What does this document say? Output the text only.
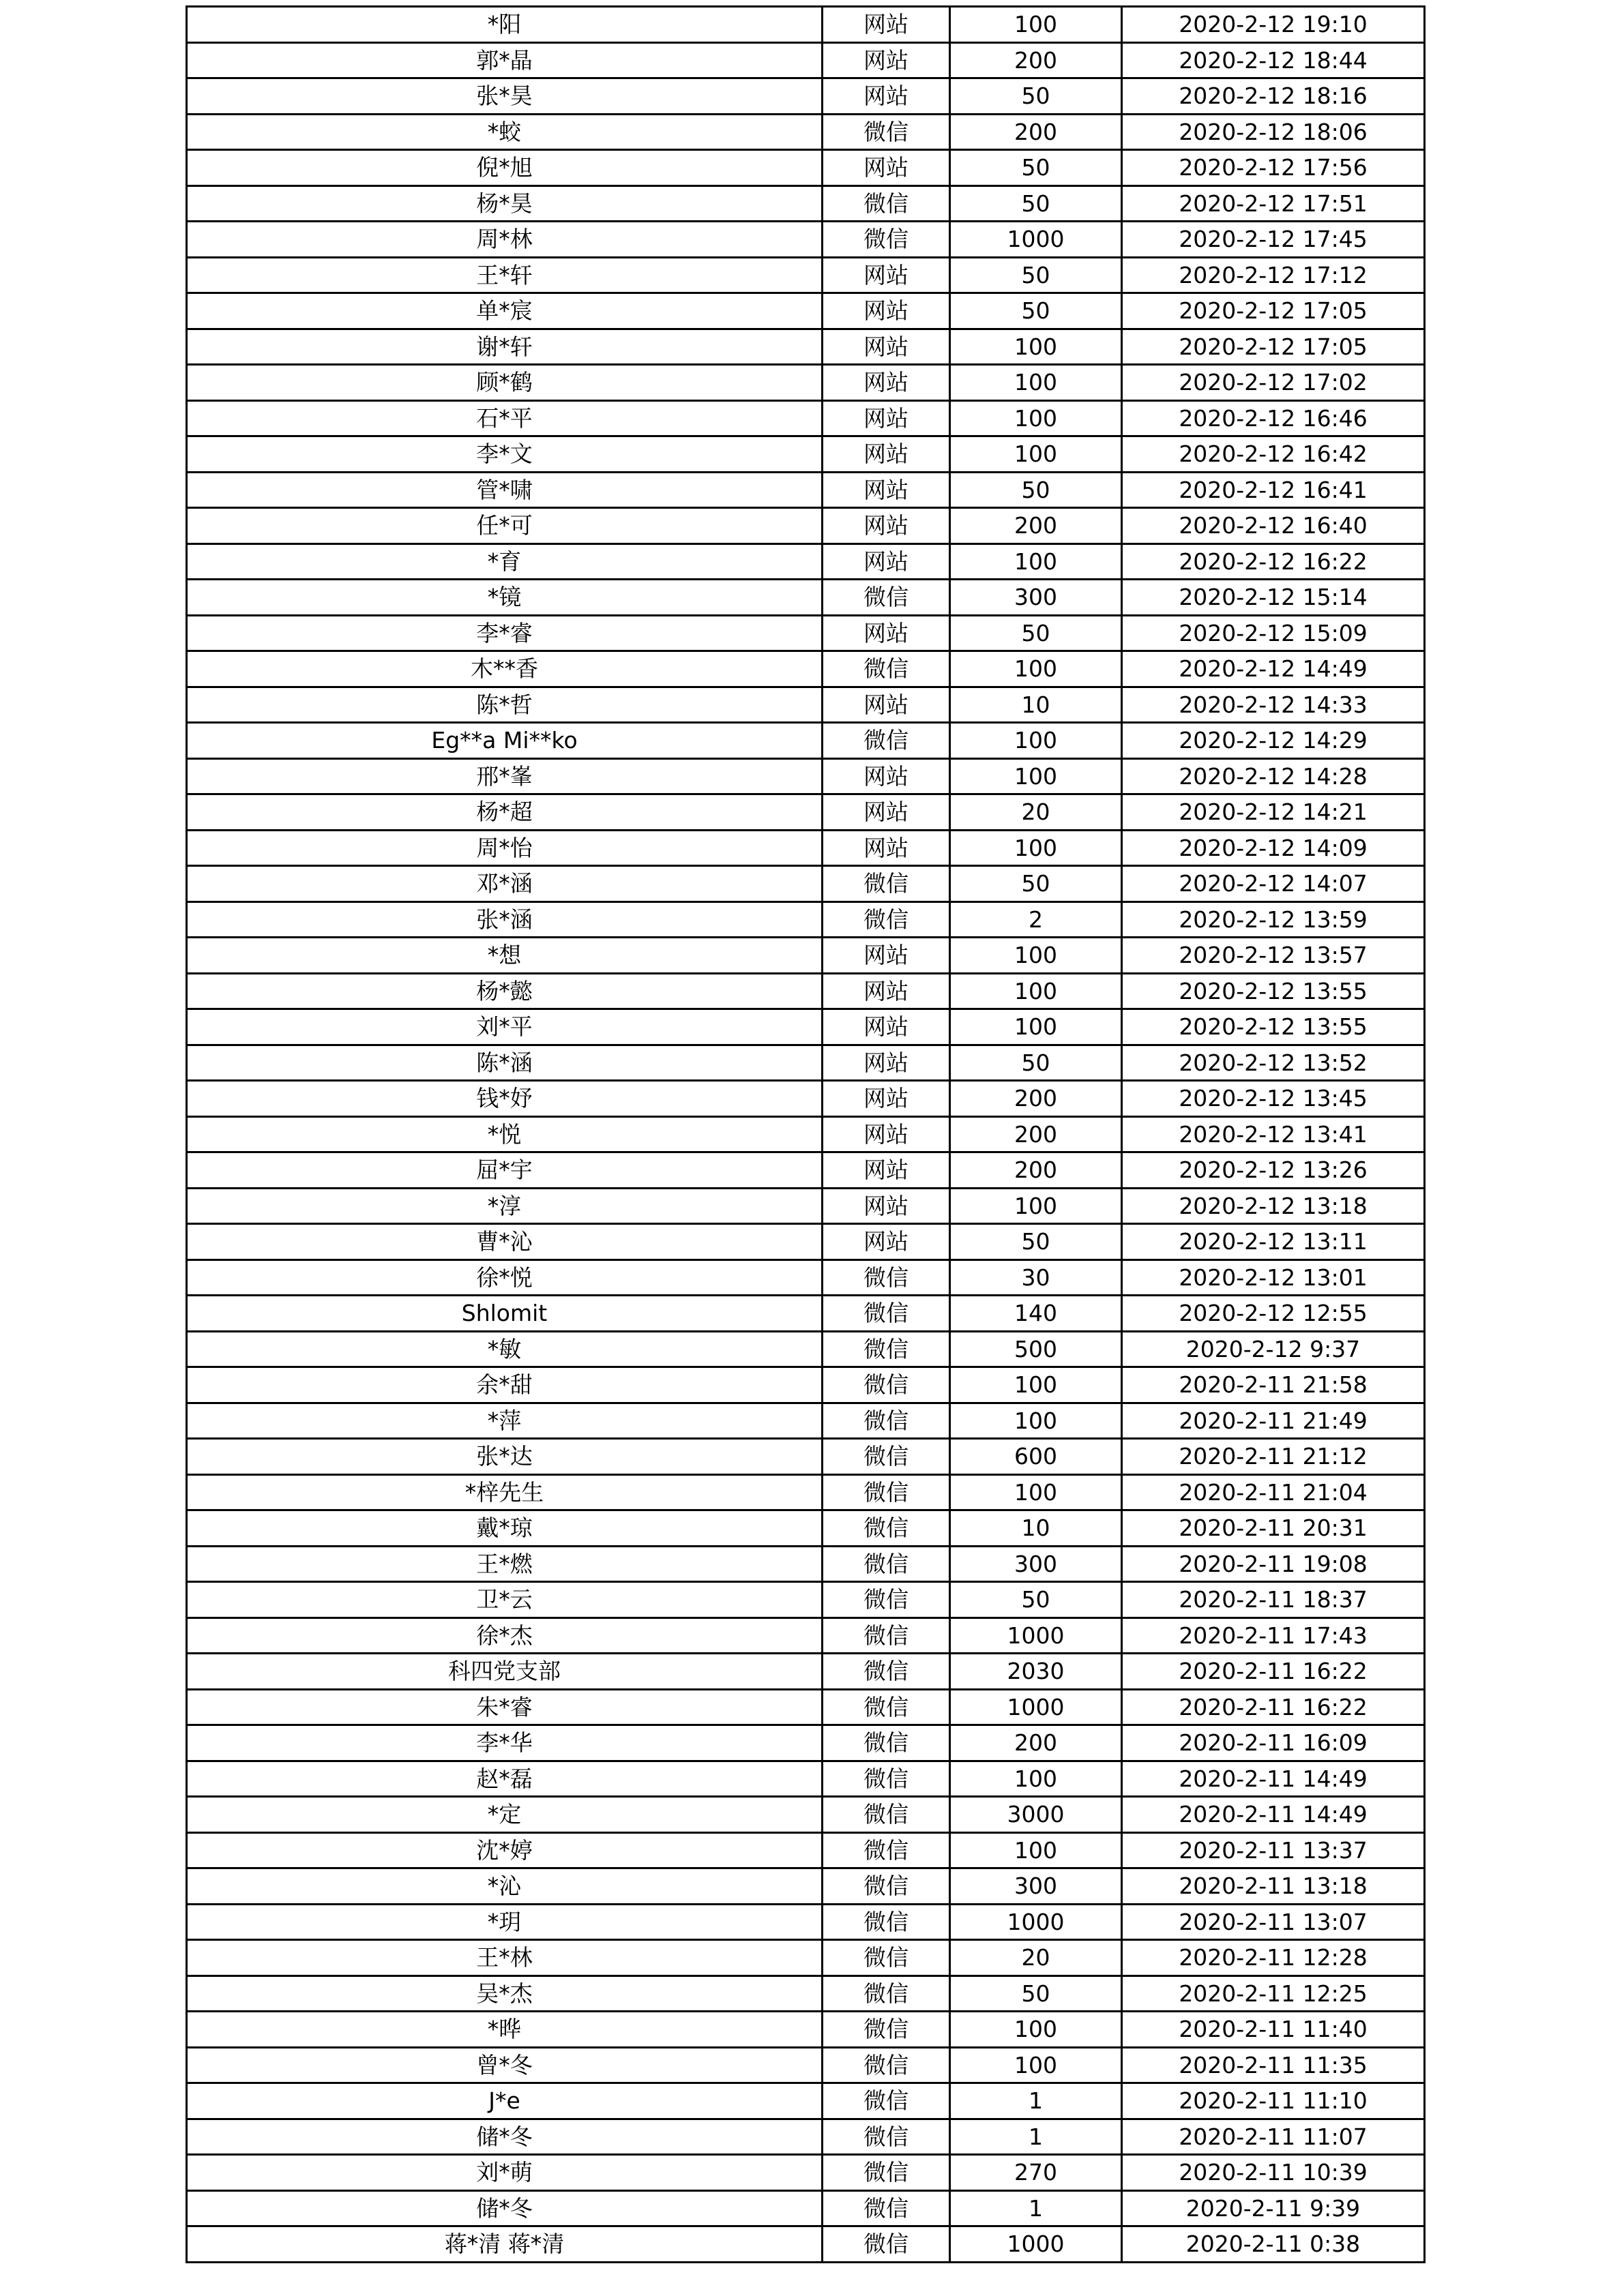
*阳	网站	100	2020-2-12 19:10
郭*晶	网站	200	2020-2-12 18:44
张*昊	网站	50	2020-2-12 18:16
*蛟	微信	200	2020-2-12 18:06
倪*旭	网站	50	2020-2-12 17:56
杨*昊	微信	50	2020-2-12 17:51
周*林	微信	1000	2020-2-12 17:45
王*轩	网站	50	2020-2-12 17:12
单*宸	网站	50	2020-2-12 17:05
谢*轩	网站	100	2020-2-12 17:05
顾*鹤	网站	100	2020-2-12 17:02
石*平	网站	100	2020-2-12 16:46
李*文	网站	100	2020-2-12 16:42
管*啸	网站	50	2020-2-12 16:41
任*可	网站	200	2020-2-12 16:40
*育	网站	100	2020-2-12 16:22
*镜	微信	300	2020-2-12 15:14
李*睿	网站	50	2020-2-12 15:09
木**香	微信	100	2020-2-12 14:49
陈*哲	网站	10	2020-2-12 14:33
Eg**a Mi**ko	微信	100	2020-2-12 14:29
邢*峯	网站	100	2020-2-12 14:28
杨*超	网站	20	2020-2-12 14:21
周*怡	网站	100	2020-2-12 14:09
邓*涵	微信	50	2020-2-12 14:07
张*涵	微信	2	2020-2-12 13:59
*想	网站	100	2020-2-12 13:57
杨*懿	网站	100	2020-2-12 13:55
刘*平	网站	100	2020-2-12 13:55
陈*涵	网站	50	2020-2-12 13:52
钱*妤	网站	200	2020-2-12 13:45
*悦	网站	200	2020-2-12 13:41
屈*宇	网站	200	2020-2-12 13:26
*淳	网站	100	2020-2-12 13:18
曹*沁	网站	50	2020-2-12 13:11
徐*悦	微信	30	2020-2-12 13:01
Shlomit	微信	140	2020-2-12 12:55
*敏	微信	500	2020-2-12 9:37
余*甜	微信	100	2020-2-11 21:58
*萍	微信	100	2020-2-11 21:49
张*达	微信	600	2020-2-11 21:12
*梓先生	微信	100	2020-2-11 21:04
戴*琼	微信	10	2020-2-11 20:31
王*燃	微信	300	2020-2-11 19:08
卫*云	微信	50	2020-2-11 18:37
徐*杰	微信	1000	2020-2-11 17:43
科四党支部	微信	2030	2020-2-11 16:22
朱*睿	微信	1000	2020-2-11 16:22
李*华	微信	200	2020-2-11 16:09
赵*磊	微信	100	2020-2-11 14:49
*定	微信	3000	2020-2-11 14:49
沈*婷	微信	100	2020-2-11 13:37
*沁	微信	300	2020-2-11 13:18
*玥	微信	1000	2020-2-11 13:07
王*林	微信	20	2020-2-11 12:28
吴*杰	微信	50	2020-2-11 12:25
*晔	微信	100	2020-2-11 11:40
曾*冬	微信	100	2020-2-11 11:35
J*e	微信	1	2020-2-11 11:10
储*冬	微信	1	2020-2-11 11:07
刘*萌	微信	270	2020-2-11 10:39
储*冬	微信	1	2020-2-11 9:39
蒋*清 蒋*清	微信	1000	2020-2-11 0:38
